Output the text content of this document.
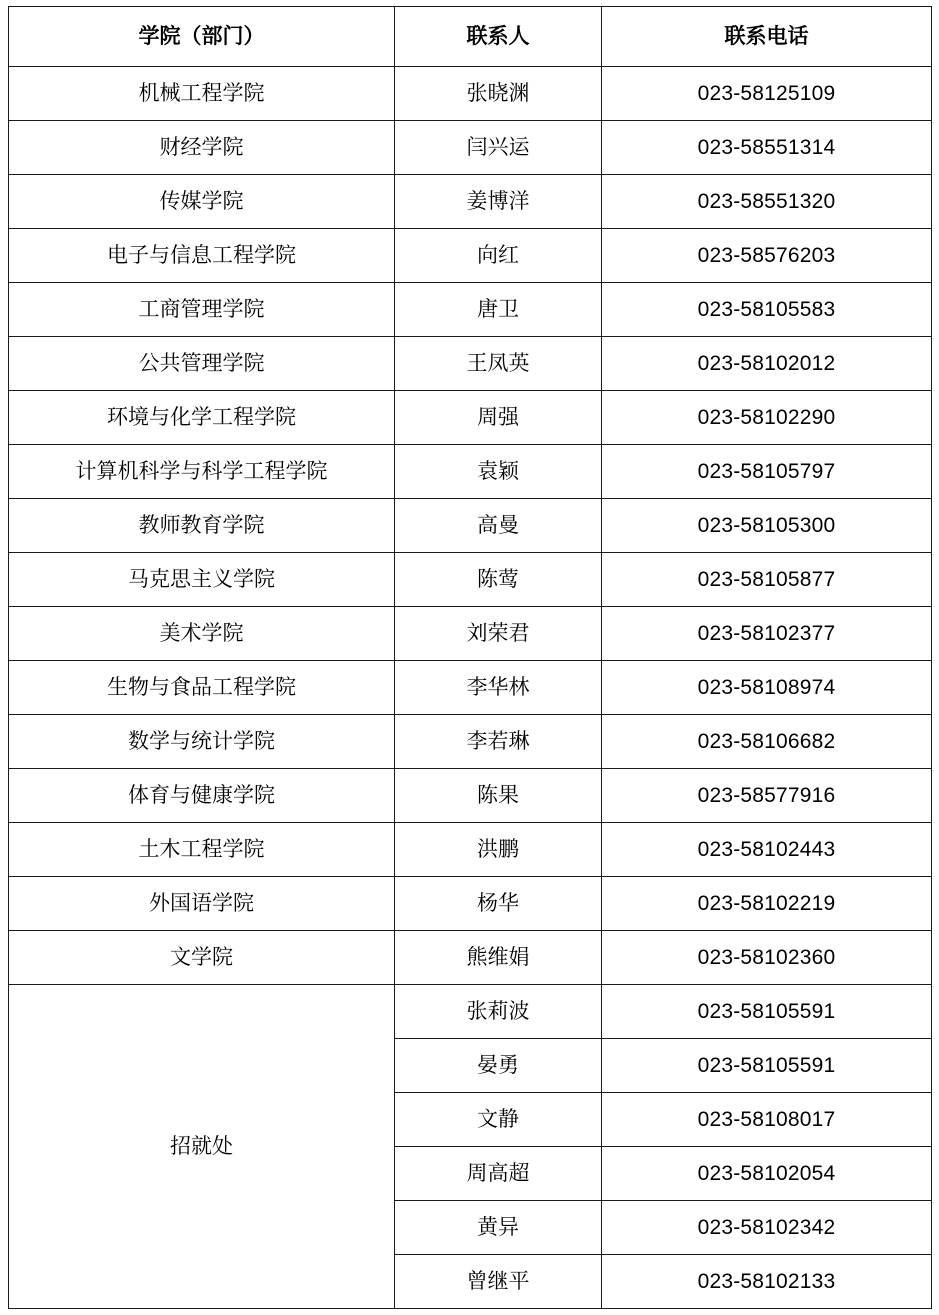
学院（部门）	联系人	联系电话
机械工程学院	张晓渊	023-58125109
财经学院	闫兴运	023-58551314
传媒学院	姜博洋	023-58551320
电子与信息工程学院	向红	023-58576203
工商管理学院	唐卫	023-58105583
公共管理学院	王凤英	023-58102012
环境与化学工程学院	周强	023-58102290
计算机科学与科学工程学院	袁颖	023-58105797
教师教育学院	高曼	023-58105300
马克思主义学院	陈莺	023-58105877
美术学院	刘荣君	023-58102377
生物与食品工程学院	李华林	023-58108974
数学与统计学院	李若琳	023-58106682
体育与健康学院	陈果	023-58577916
土木工程学院	洪鹏	023-58102443
外国语学院	杨华	023-58102219
文学院	熊维娟	023-58102360
招就处	张莉波	023-58105591
	晏勇	023-58105591
	文静	023-58108017
	周高超	023-58102054
	黄异	023-58102342
	曾继平	023-58102133
